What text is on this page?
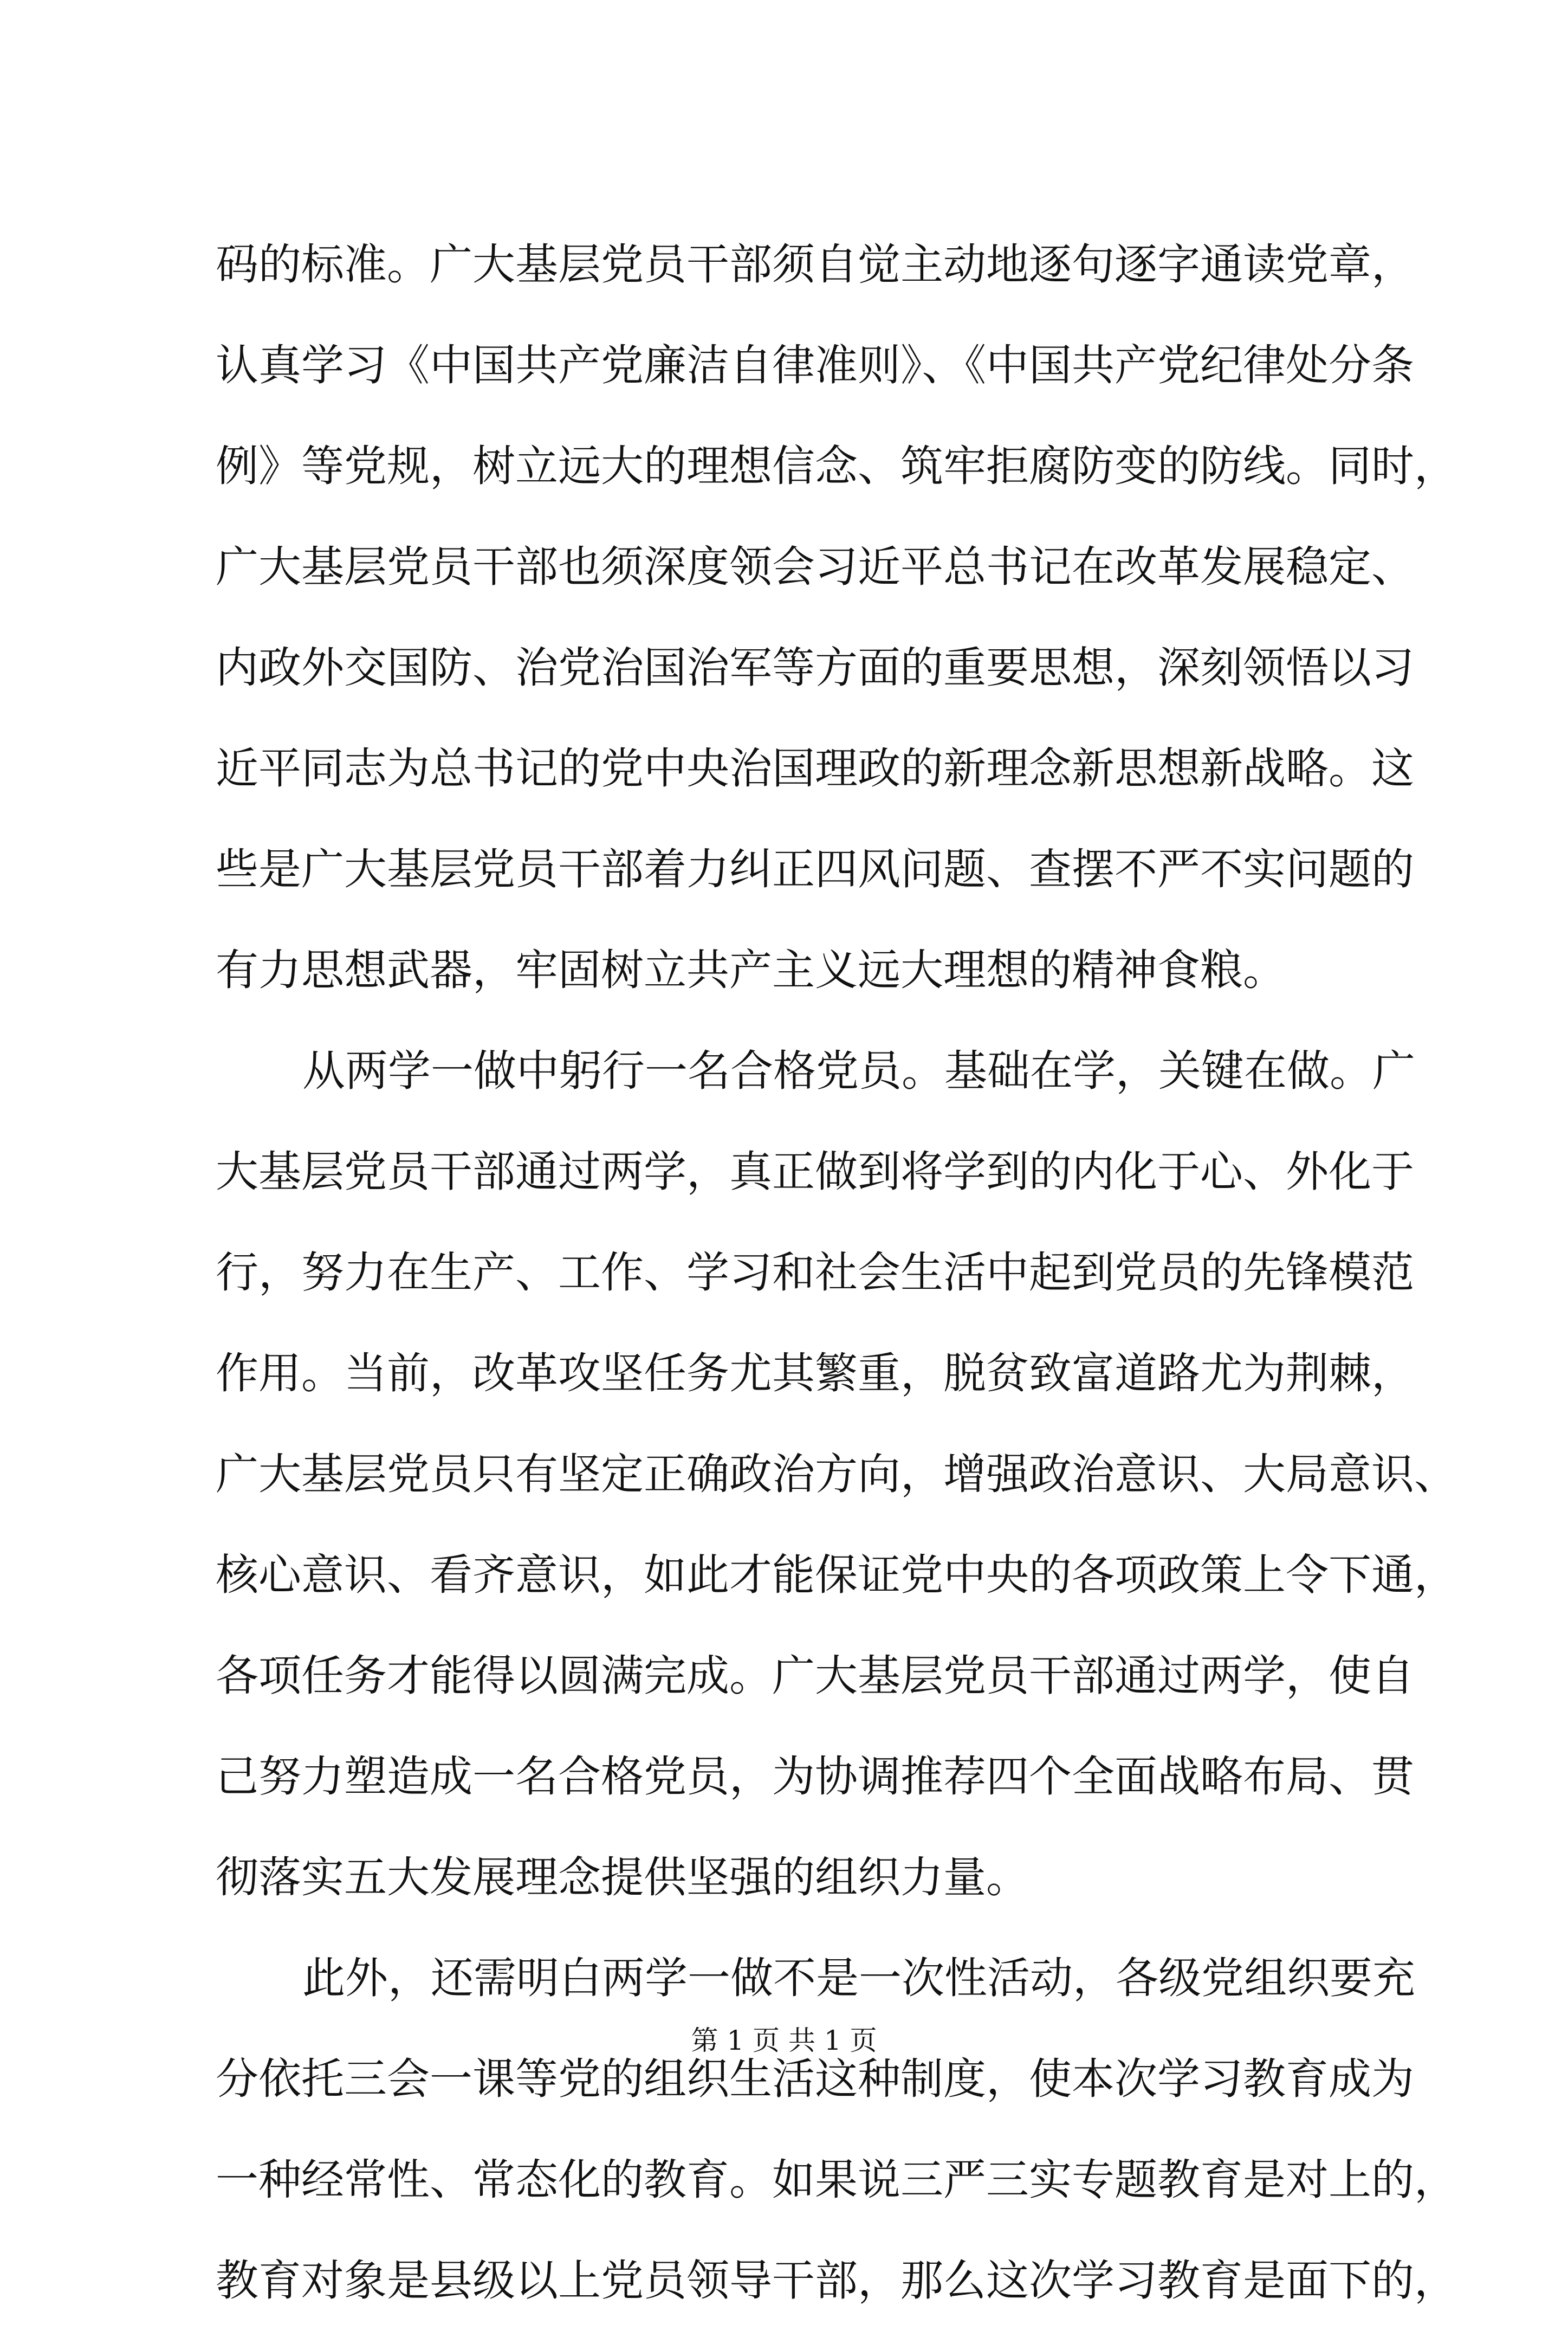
码的标准。广大基层党员干部须自觉主动地逐句逐字通读党章，
认真学习《中国共产党廉洁自律准则》、《中国共产党纪律处分条
例》等党规，树立远大的理想信念、筑牢拒腐防变的防线。同时，
广大基层党员干部也须深度领会习近平总书记在改革发展稳定、
内政外交国防、治党治国治军等方面的重要思想，深刻领悟以习
近平同志为总书记的党中央治国理政的新理念新思想新战略。这
些是广大基层党员干部着力纠正四风问题、查摆不严不实问题的
有力思想武器，牢固树立共产主义远大理想的精神食粮。
从两学一做中躬行一名合格党员。基础在学，关键在做。广
大基层党员干部通过两学，真正做到将学到的内化于心、外化于
行，努力在生产、工作、学习和社会生活中起到党员的先锋模范
作用。当前，改革攻坚任务尤其繁重，脱贫致富道路尤为荆棘，
广大基层党员只有坚定正确政治方向，增强政治意识、大局意识、
核心意识、看齐意识，如此才能保证党中央的各项政策上令下通，
各项任务才能得以圆满完成。广大基层党员干部通过两学，使自
己努力塑造成一名合格党员，为协调推荐四个全面战略布局、贯
彻落实五大发展理念提供坚强的组织力量。
此外，还需明白两学一做不是一次性活动，各级党组织要充
分依托三会一课等党的组织生活这种制度，使本次学习教育成为
一种经常性、常态化的教育。如果说三严三实专题教育是对上的，
教育对象是县级以上党员领导干部，那么这次学习教育是面下的，
第 1 页 共 1 页
